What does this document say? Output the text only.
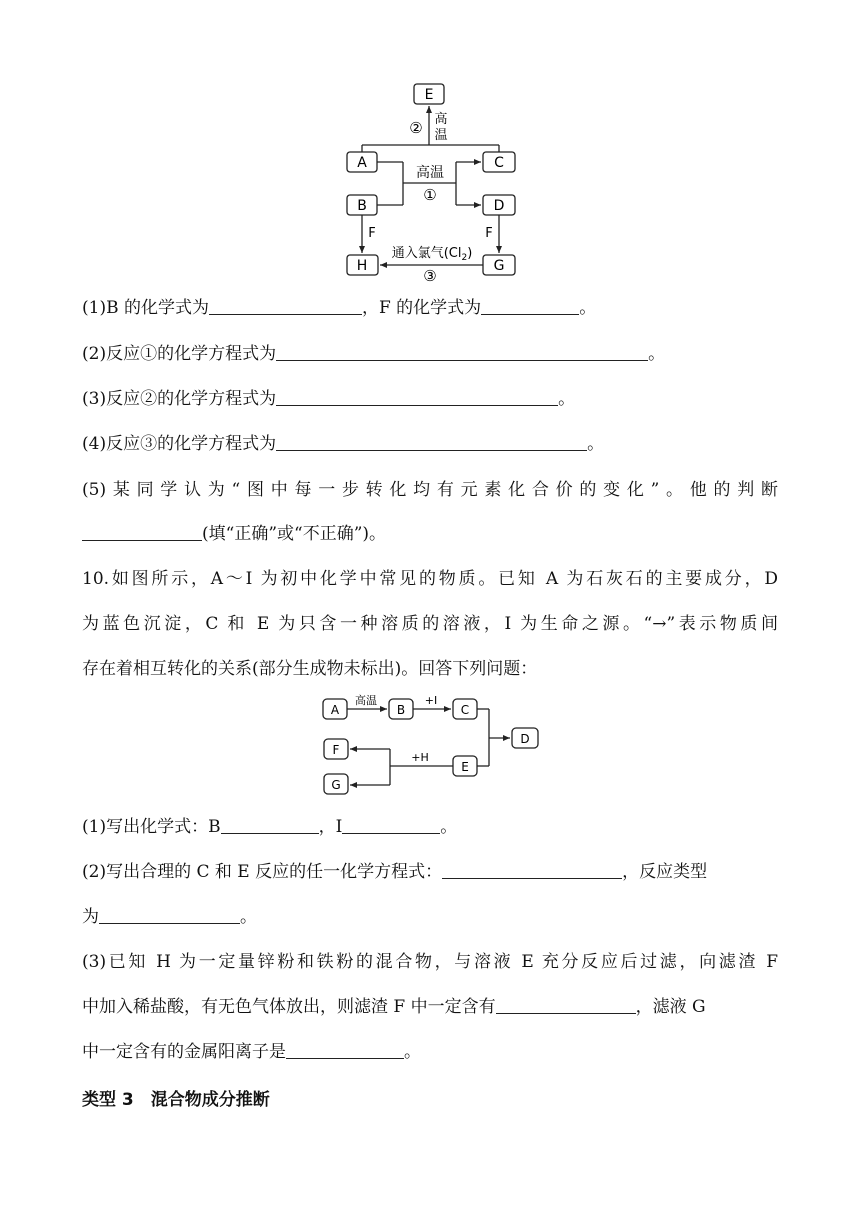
E
② 高
温
A	C
B	D
高温
①
F	F
H	G
通入氯气$(Cl_2)$
③
(1)B 的化学式为	，F 的化学式为	。
(2)反应①的化学方程式为	。
(3)反应②的化学方程式为	。
(4)反应③的化学方程式为	。
(5)某同学认为“图中每一步转化均有元素化合价的变化”。他的判断
(填“正确”或“不正确”)。
10.如图所示，A～I 为初中化学中常见的物质。已知 A 为石灰石的主要成分，D
为蓝色沉淀，C 和 E 为只含一种溶质的溶液，I 为生命之源。“→”表示物质间
存在着相互转化的关系(部分生成物未标出)。回答下列问题：
A
高温
B
+I
C
D
E
+H
F
G
(1)写出化学式：B	，I	。
(2)写出合理的 C 和 E 反应的任一化学方程式：	，反应类型
为	。
(3)已知 H 为一定量锌粉和铁粉的混合物，与溶液 E 充分反应后过滤，向滤渣 F
中加入稀盐酸，有无色气体放出，则滤渣 F 中一定含有	，滤液 G
中一定含有的金属阳离子是	。
类型 3　混合物成分推断
